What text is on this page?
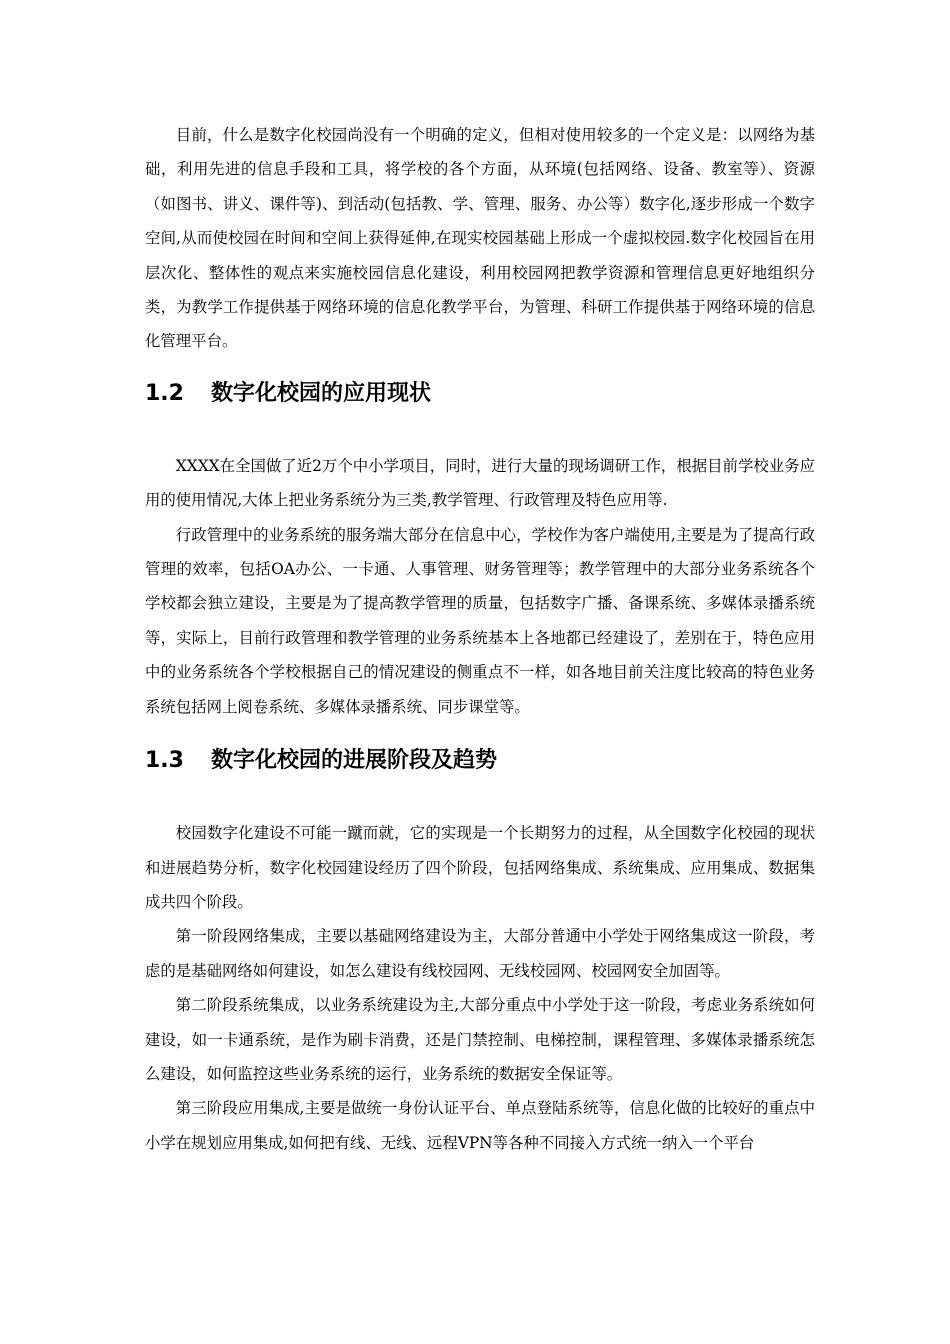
目前，什么是数字化校园尚没有一个明确的定义，但相对使用较多的一个定义是：以网络为基础，利用先进的信息手段和工具，将学校的各个方面，从环境(包括网络、设备、教室等）、资源（如图书、讲义、课件等)、到活动(包括教、学、管理、服务、办公等）数字化,逐步形成一个数字空间,从而使校园在时间和空间上获得延伸,在现实校园基础上形成一个虚拟校园.数字化校园旨在用层次化、整体性的观点来实施校园信息化建设，利用校园网把教学资源和管理信息更好地组织分类，为教学工作提供基于网络环境的信息化教学平台，为管理、科研工作提供基于网络环境的信息化管理平台。

1.2	数字化校园的应用现状

XXXX在全国做了近2万个中小学项目，同时，进行大量的现场调研工作，根据目前学校业务应用的使用情况,大体上把业务系统分为三类,教学管理、行政管理及特色应用等.

行政管理中的业务系统的服务端大部分在信息中心，学校作为客户端使用,主要是为了提高行政管理的效率，包括OA办公、一卡通、人事管理、财务管理等；教学管理中的大部分业务系统各个学校都会独立建设，主要是为了提高教学管理的质量，包括数字广播、备课系统、多媒体录播系统等，实际上，目前行政管理和教学管理的业务系统基本上各地都已经建设了，差别在于，特色应用中的业务系统各个学校根据自己的情况建设的侧重点不一样，如各地目前关注度比较高的特色业务系统包括网上阅卷系统、多媒体录播系统、同步课堂等。

1.3	数字化校园的进展阶段及趋势

校园数字化建设不可能一蹴而就，它的实现是一个长期努力的过程，从全国数字化校园的现状和进展趋势分析，数字化校园建设经历了四个阶段，包括网络集成、系统集成、应用集成、数据集成共四个阶段。

第一阶段网络集成，主要以基础网络建设为主，大部分普通中小学处于网络集成这一阶段，考虑的是基础网络如何建设，如怎么建设有线校园网、无线校园网、校园网安全加固等。

第二阶段系统集成，以业务系统建设为主,大部分重点中小学处于这一阶段，考虑业务系统如何建设，如一卡通系统，是作为刷卡消费，还是门禁控制、电梯控制，课程管理、多媒体录播系统怎么建设，如何监控这些业务系统的运行，业务系统的数据安全保证等。

第三阶段应用集成,主要是做统一身份认证平台、单点登陆系统等，信息化做的比较好的重点中小学在规划应用集成,如何把有线、无线、远程VPN等各种不同接入方式统一纳入一个平台
